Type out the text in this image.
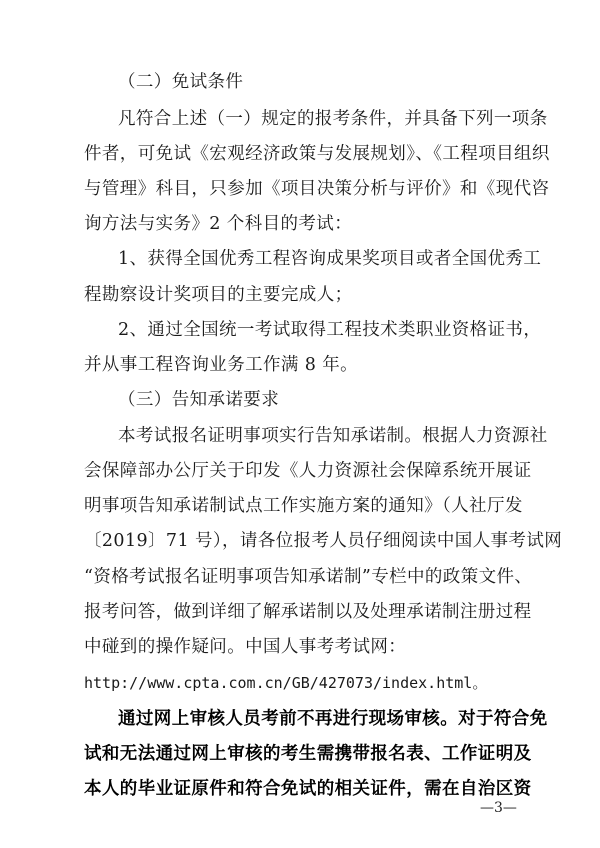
（二）免试条件
凡符合上述（一）规定的报考条件，并具备下列一项条
件者，可免试《宏观经济政策与发展规划》、《工程项目组织
与管理》科目，只参加《项目决策分析与评价》和《现代咨
询方法与实务》2 个科目的考试：
1、获得全国优秀工程咨询成果奖项目或者全国优秀工
程勘察设计奖项目的主要完成人；
2、通过全国统一考试取得工程技术类职业资格证书，
并从事工程咨询业务工作满 8 年。
（三）告知承诺要求
本考试报名证明事项实行告知承诺制。根据人力资源社
会保障部办公厅关于印发《人力资源社会保障系统开展证
明事项告知承诺制试点工作实施方案的通知》（人社厅发
〔2019〕71 号），请各位报考人员仔细阅读中国人事考试网
“资格考试报名证明事项告知承诺制”专栏中的政策文件、
报考问答，做到详细了解承诺制以及处理承诺制注册过程
中碰到的操作疑问。中国人事考考试网：
http://www.cpta.com.cn/GB/427073/index.html。
通过网上审核人员考前不再进行现场审核。对于符合免
试和无法通过网上审核的考生需携带报名表、工作证明及
本人的毕业证原件和符合免试的相关证件，需在自治区资
—3—
